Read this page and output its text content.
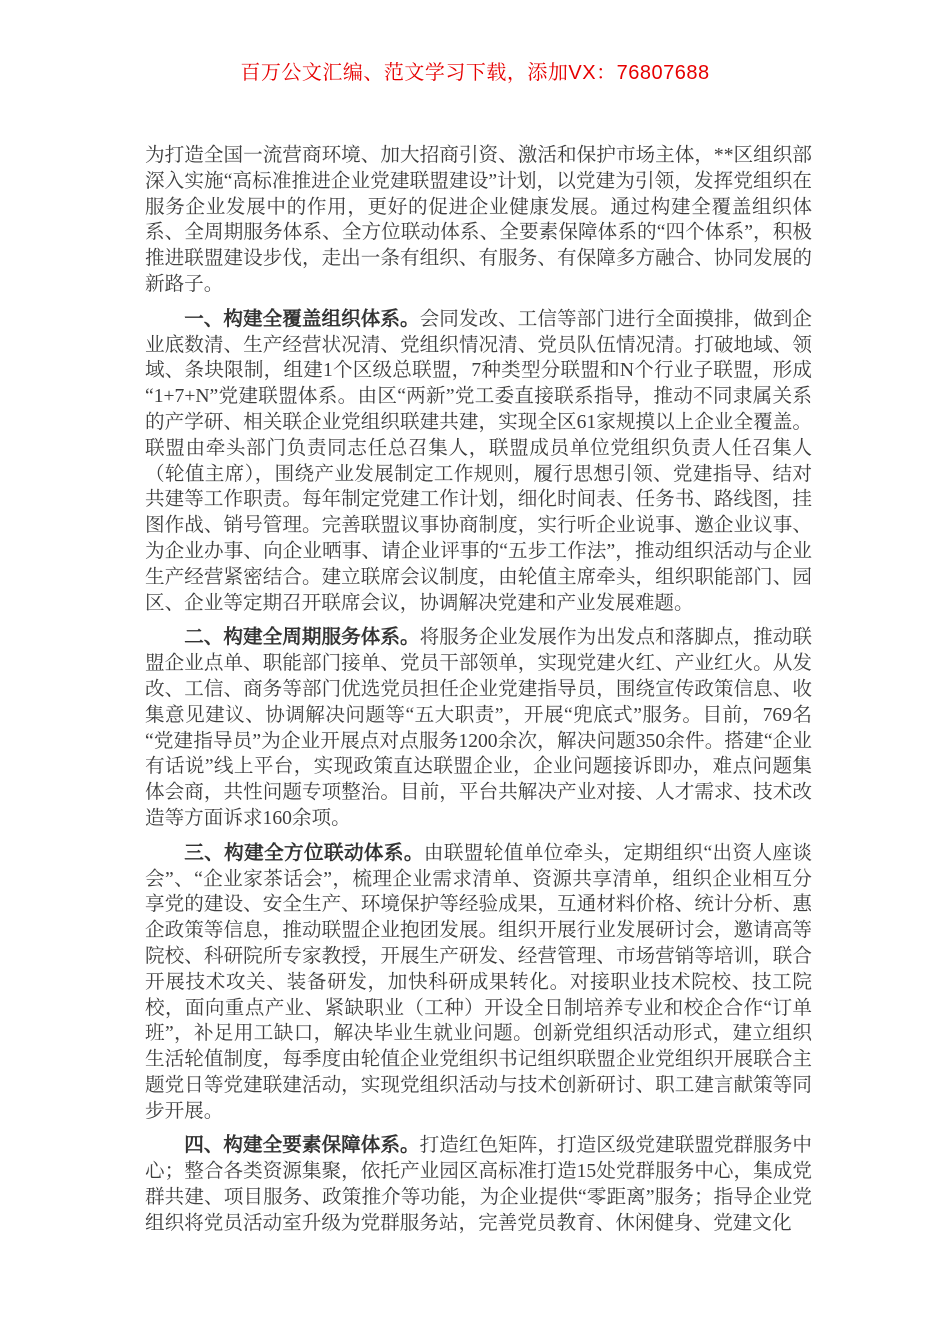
百万公文汇编、范文学习下载，添加VX：76807688

为打造全国一流营商环境、加大招商引资、激活和保护市场主体，**区组织部深入实施“高标准推进企业党建联盟建设”计划，以党建为引领，发挥党组织在服务企业发展中的作用，更好的促进企业健康发展。通过构建全覆盖组织体系、全周期服务体系、全方位联动体系、全要素保障体系的“四个体系”，积极推进联盟建设步伐，走出一条有组织、有服务、有保障多方融合、协同发展的新路子。

一、构建全覆盖组织体系。会同发改、工信等部门进行全面摸排，做到企业底数清、生产经营状况清、党组织情况清、党员队伍情况清。打破地域、领域、条块限制，组建1个区级总联盟，7种类型分联盟和N个行业子联盟，形成“1+7+N”党建联盟体系。由区“两新”党工委直接联系指导，推动不同隶属关系的产学研、相关联企业党组织联建共建，实现全区61家规摸以上企业全覆盖。联盟由牵头部门负责同志任总召集人，联盟成员单位党组织负责人任召集人（轮值主席），围绕产业发展制定工作规则，履行思想引领、党建指导、结对共建等工作职责。每年制定党建工作计划，细化时间表、任务书、路线图，挂图作战、销号管理。完善联盟议事协商制度，实行听企业说事、邀企业议事、为企业办事、向企业晒事、请企业评事的“五步工作法”，推动组织活动与企业生产经营紧密结合。建立联席会议制度，由轮值主席牵头，组织职能部门、园区、企业等定期召开联席会议，协调解决党建和产业发展难题。

二、构建全周期服务体系。将服务企业发展作为出发点和落脚点，推动联盟企业点单、职能部门接单、党员干部领单，实现党建火红、产业红火。从发改、工信、商务等部门优选党员担任企业党建指导员，围绕宣传政策信息、收集意见建议、协调解决问题等“五大职责”，开展“兜底式”服务。目前，769名“党建指导员”为企业开展点对点服务1200余次，解决问题350余件。搭建“企业有话说”线上平台，实现政策直达联盟企业，企业问题接诉即办，难点问题集体会商，共性问题专项整治。目前，平台共解决产业对接、人才需求、技术改造等方面诉求160余项。

三、构建全方位联动体系。由联盟轮值单位牵头，定期组织“出资人座谈会”、“企业家茶话会”，梳理企业需求清单、资源共享清单，组织企业相互分享党的建设、安全生产、环境保护等经验成果，互通材料价格、统计分析、惠企政策等信息，推动联盟企业抱团发展。组织开展行业发展研讨会，邀请高等院校、科研院所专家教授，开展生产研发、经营管理、市场营销等培训，联合开展技术攻关、装备研发，加快科研成果转化。对接职业技术院校、技工院校，面向重点产业、紧缺职业（工种）开设全日制培养专业和校企合作“订单班”，补足用工缺口，解决毕业生就业问题。创新党组织活动形式，建立组织生活轮值制度，每季度由轮值企业党组织书记组织联盟企业党组织开展联合主题党日等党建联建活动，实现党组织活动与技术创新研讨、职工建言献策等同步开展。

四、构建全要素保障体系。打造红色矩阵，打造区级党建联盟党群服务中心；整合各类资源集聚，依托产业园区高标准打造15处党群服务中心，集成党群共建、项目服务、政策推介等功能，为企业提供“零距离”服务；指导企业党组织将党员活动室升级为党群服务站，完善党员教育、休闲健身、党建文化
